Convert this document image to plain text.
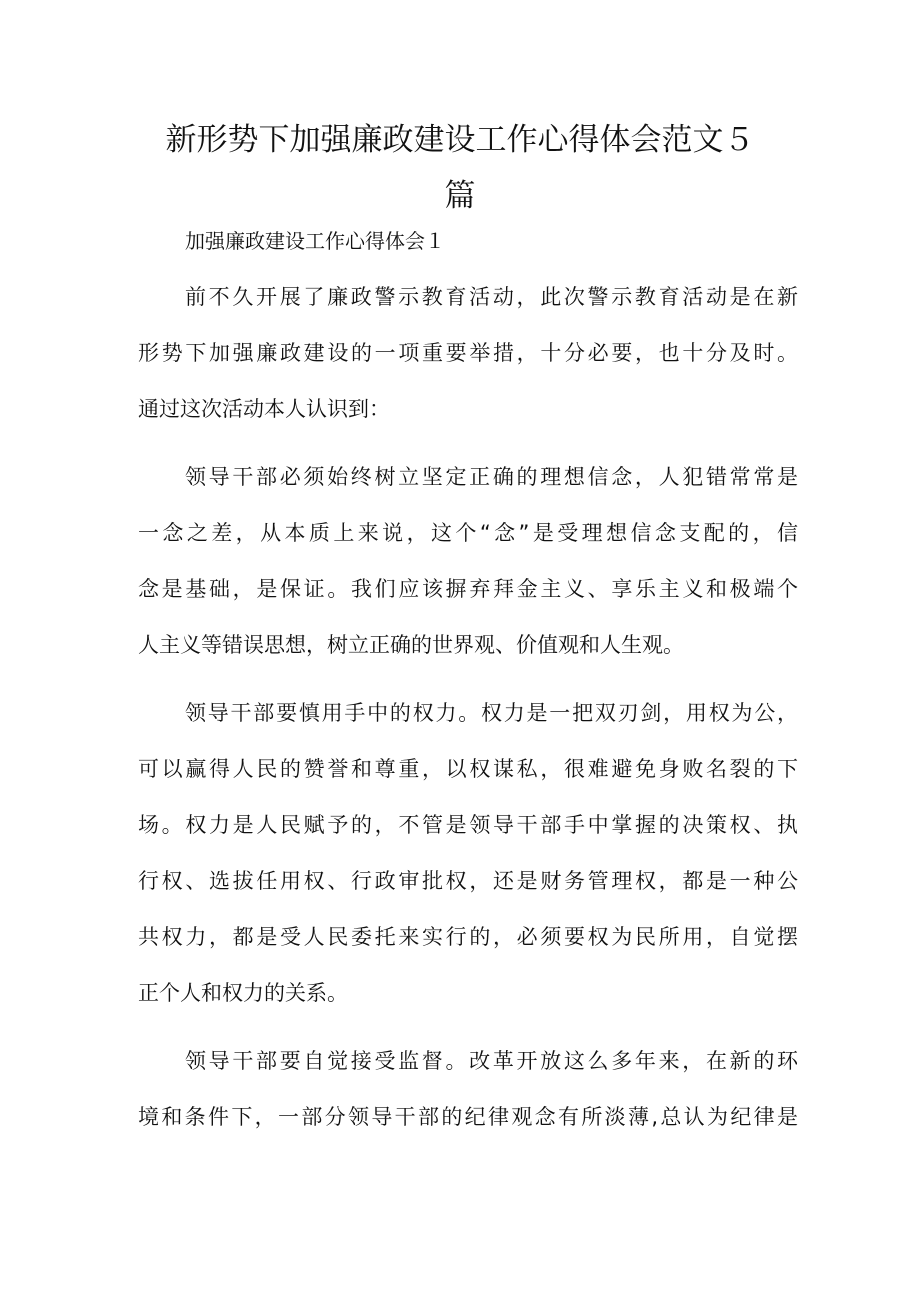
新形势下加强廉政建设工作心得体会范文５
篇
加强廉政建设工作心得体会１
前不久开展了廉政警示教育活动，此次警示教育活动是在新
形势下加强廉政建设的一项重要举措，十分必要，也十分及时。
通过这次活动本人认识到：
领导干部必须始终树立坚定正确的理想信念，人犯错常常是
一念之差，从本质上来说，这个“念”是受理想信念支配的，信
念是基础，是保证。我们应该摒弃拜金主义、享乐主义和极端个
人主义等错误思想，树立正确的世界观、价值观和人生观。
领导干部要慎用手中的权力。权力是一把双刃剑，用权为公，
可以赢得人民的赞誉和尊重，以权谋私，很难避免身败名裂的下
场。权力是人民赋予的，不管是领导干部手中掌握的决策权、执
行权、选拔任用权、行政审批权，还是财务管理权，都是一种公
共权力，都是受人民委托来实行的，必须要权为民所用，自觉摆
正个人和权力的关系。
领导干部要自觉接受监督。改革开放这么多年来，在新的环
境和条件下，一部分领导干部的纪律观念有所淡薄,总认为纪律是
